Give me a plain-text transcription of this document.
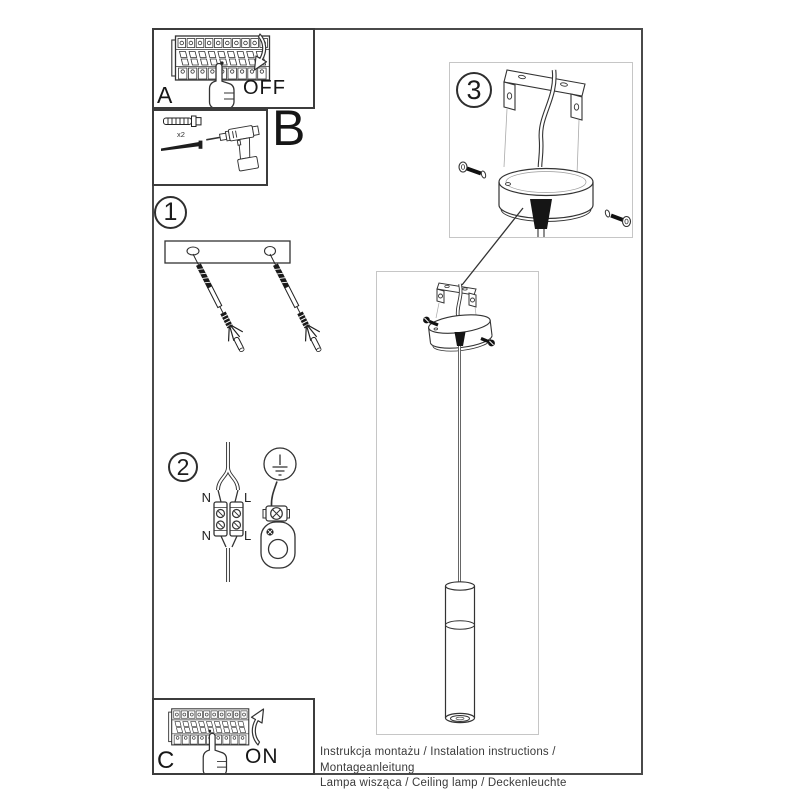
A	OFF
x2 B
1
2
N	L
N	L
3
C	ON	Instrukcja montażu / Instalation instructions / Montageanleitung
Lampa wisząca / Ceiling lamp / Deckenleuchte
